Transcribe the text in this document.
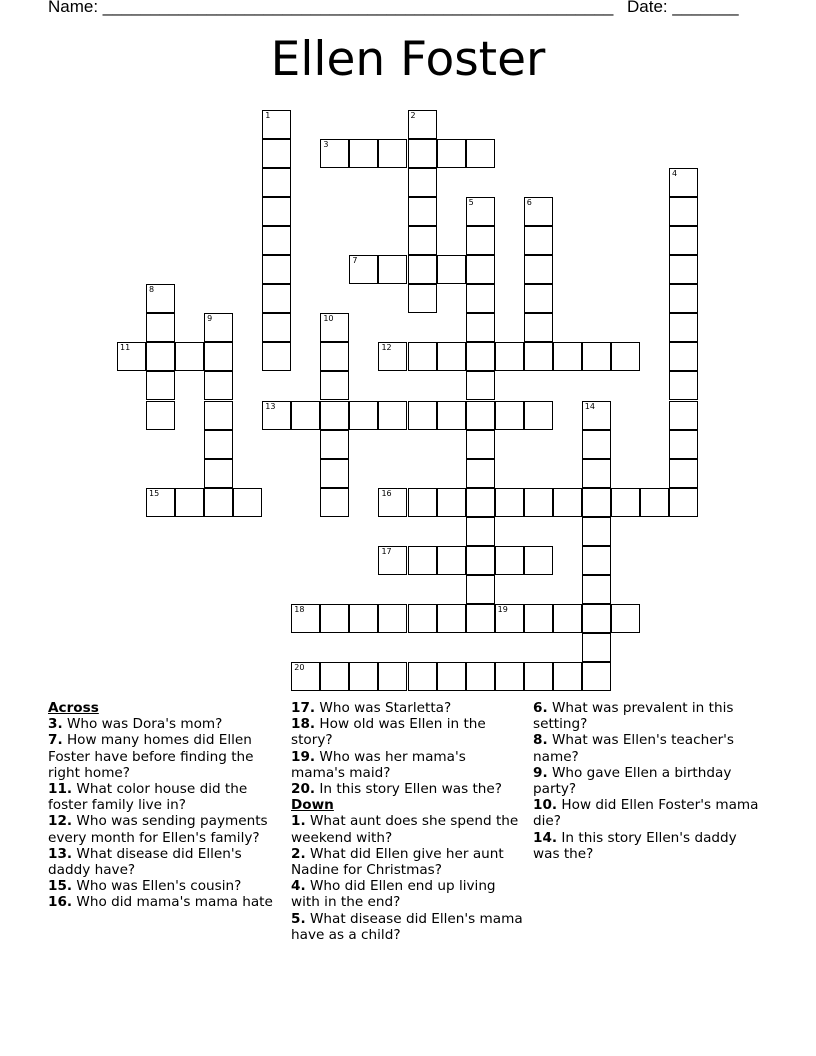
Name: ______________________________________________________ Date: _______
Ellen Foster
1	2
3
4
5	6
7
8
9	10
11	12
13	14
15	16
17
18	19
20
Across
3. Who was Dora's mom?
7. How many homes did Ellen Foster have before finding the right home?
11. What color house did the foster family live in?
12. Who was sending payments every month for Ellen's family?
13. What disease did Ellen's daddy have?
15. Who was Ellen's cousin?
16. Who did mama's mama hate
17. Who was Starletta?
18. How old was Ellen in the story?
19. Who was her mama's mama's maid?
20. In this story Ellen was the?
Down
1. What aunt does she spend the weekend with?
2. What did Ellen give her aunt Nadine for Christmas?
4. Who did Ellen end up living with in the end?
5. What disease did Ellen's mama have as a child?
6. What was prevalent in this setting?
8. What was Ellen's teacher's name?
9. Who gave Ellen a birthday party?
10. How did Ellen Foster's mama die?
14. In this story Ellen's daddy was the?
